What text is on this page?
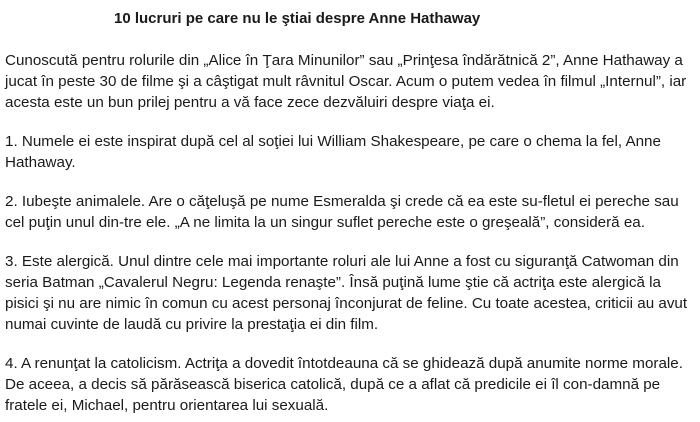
10 lucruri pe care nu le ştiai despre Anne Hathaway

Cunoscută pentru rolurile din „Alice în Ţara Minunilor” sau „Prinţesa îndărătnică 2”, Anne Hathaway a jucat în peste 30 de filme şi a câştigat mult râvnitul Oscar. Acum o putem vedea în filmul „Internul”, iar acesta este un bun prilej pentru a vă face zece dezvăluiri despre viaţa ei.

1. Numele ei este inspirat după cel al soţiei lui William Shakespeare, pe care o chema la fel, Anne Hathaway.

2. Iubeşte animalele. Are o căţeluşă pe nume Esmeralda şi crede că ea este su-fletul ei pereche sau cel puţin unul din-tre ele. „A ne limita la un singur suflet pereche este o greşeală”, consideră ea.

3. Este alergică. Unul dintre cele mai importante roluri ale lui Anne a fost cu siguranţă Catwoman din seria Batman „Cavalerul Negru: Legenda renaşte”. Însă puţină lume ştie că actriţa este alergică la pisici şi nu are nimic în comun cu acest personaj înconjurat de feline. Cu toate acestea, criticii au avut numai cuvinte de laudă cu privire la prestaţia ei din film.

4. A renunţat la catolicism. Actriţa a dovedit întotdeauna că se ghidează după anumite norme morale. De aceea, a decis să părăsească biserica catolică, după ce a aflat că predicile ei îl con-damnă pe fratele ei, Michael, pentru orientarea lui sexuală.
